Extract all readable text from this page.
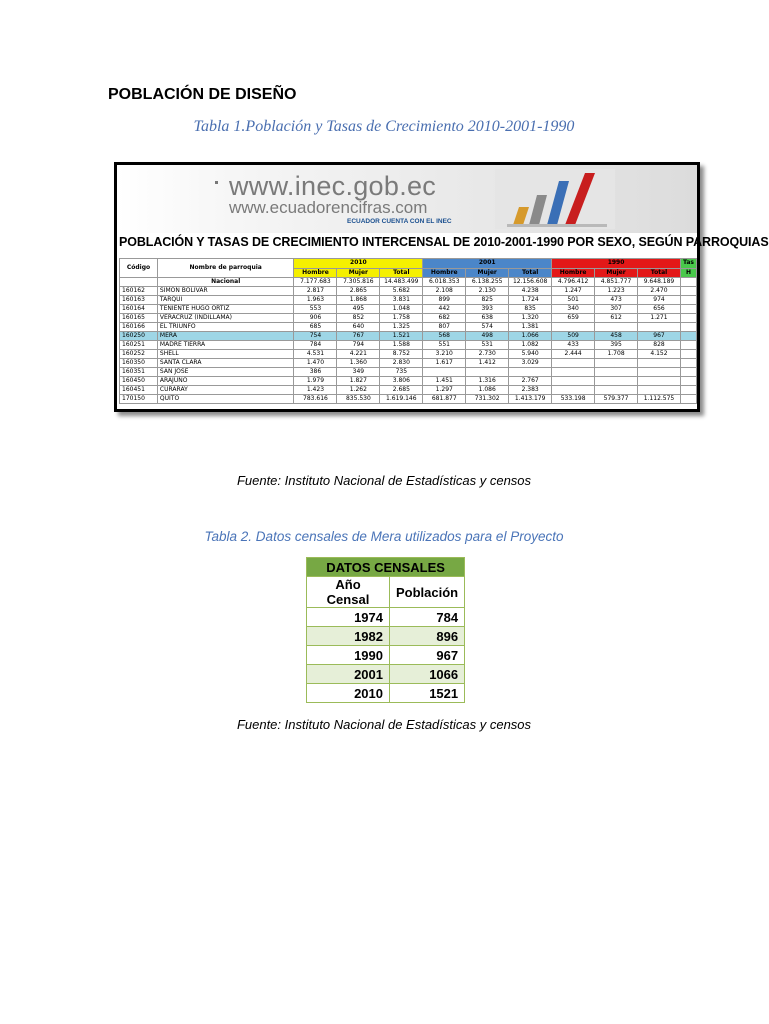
POBLACIÓN DE DISEÑO
Tabla 1.Población y Tasas de Crecimiento 2010-2001-1990
www.inec.gob.ec
www.ecuadorencifras.com
ECUADOR CUENTA CON EL INEC
POBLACIÓN Y TASAS DE CRECIMIENTO INTERCENSAL DE 2010-2001-1990 POR SEXO, SEGÚN PARROQUIAS
Código	Nombre de parroquia	2010			2001			1990			Tas
		Hombre	Mujer	Total	Hombre	Mujer	Total	Hombre	Mujer	Total	H
	Nacional	7.177.683	7.305.816	14.483.499	6.018.353	6.138.255	12.156.608	4.796.412	4.851.777	9.648.189	
160162	SIMON BOLIVAR	2.817	2.865	5.682	2.108	2.130	4.238	1.247	1.223	2.470	
160163	TARQUI	1.963	1.868	3.831	899	825	1.724	501	473	974	
160164	TENIENTE HUGO ORTIZ	553	495	1.048	442	393	835	340	307	656	
160165	VERACRUZ (INDILLAMA)	906	852	1.758	682	638	1.320	659	612	1.271	
160166	EL TRIUNFO	685	640	1.325	807	574	1.381				
160250	MERA	754	767	1.521	568	498	1.066	509	458	967	
160251	MADRE TIERRA	784	794	1.588	551	531	1.082	433	395	828	
160252	SHELL	4.531	4.221	8.752	3.210	2.730	5.940	2.444	1.708	4.152	
160350	SANTA CLARA	1.470	1.360	2.830	1.617	1.412	3.029				
160351	SAN JOSE	386	349	735							
160450	ARAJUNO	1.979	1.827	3.806	1.451	1.316	2.767				
160451	CURARAY	1.423	1.262	2.685	1.297	1.086	2.383				
170150	QUITO	783.616	835.530	1.619.146	681.877	731.302	1.413.179	533.198	579.377	1.112.575	
Fuente: Instituto Nacional de Estadísticas y censos
Tabla 2. Datos censales de Mera utilizados para el Proyecto
DATOS CENSALES	
Año Censal	Población
1974	784
1982	896
1990	967
2001	1066
2010	1521
Fuente: Instituto Nacional de Estadísticas y censos
